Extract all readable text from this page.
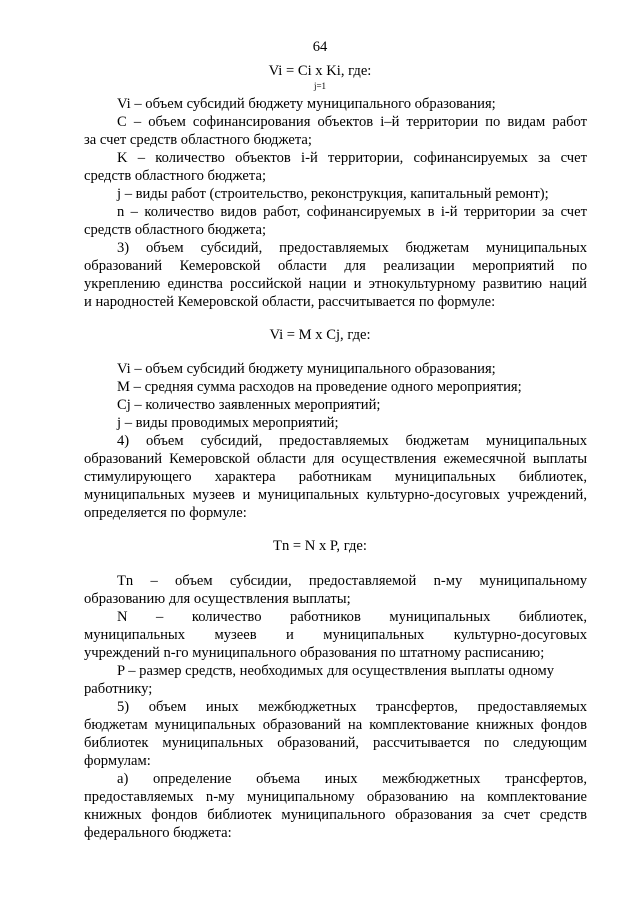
64
Vi = Ci x Ki, где:
j=1
Vi – объем субсидий бюджету муниципального образования;
С – объем софинансирования объектов i–й территории по видам работ
за счет средств областного бюджета;
K – количество объектов i-й территории, софинансируемых за счет
средств областного бюджета;
j – виды работ (строительство, реконструкция, капитальный ремонт);
n – количество видов работ, софинансируемых в i-й территории за счет
средств областного бюджета;
3) объем субсидий, предоставляемых бюджетам муниципальных
образований Кемеровской области для реализации мероприятий по
укреплению единства российской нации и этнокультурному развитию наций
и народностей Кемеровской области, рассчитывается по формуле:
Vi = M x Cj, где:
Vi – объем субсидий бюджету муниципального образования;
M – средняя сумма расходов на проведение одного мероприятия;
Cj – количество заявленных мероприятий;
j – виды проводимых мероприятий;
4) объем субсидий, предоставляемых бюджетам муниципальных
образований Кемеровской области для осуществления ежемесячной выплаты
стимулирующего характера работникам муниципальных библиотек,
муниципальных музеев и муниципальных культурно-досуговых учреждений,
определяется по формуле:
Tn = N x P, где:
Tn – объем субсидии, предоставляемой n-му муниципальному
образованию для осуществления выплаты;
N – количество работников муниципальных библиотек,
муниципальных музеев и муниципальных культурно-досуговых
учреждений n-го муниципального образования по штатному расписанию;
P – размер средств, необходимых для осуществления выплаты одному
работнику;
5) объем иных межбюджетных трансфертов, предоставляемых
бюджетам муниципальных образований на комплектование книжных фондов
библиотек муниципальных образований, рассчитывается по следующим
формулам:
а) определение объема иных межбюджетных трансфертов,
предоставляемых n-му муниципальному образованию на комплектование
книжных фондов библиотек муниципального образования за счет средств
федерального бюджета:
